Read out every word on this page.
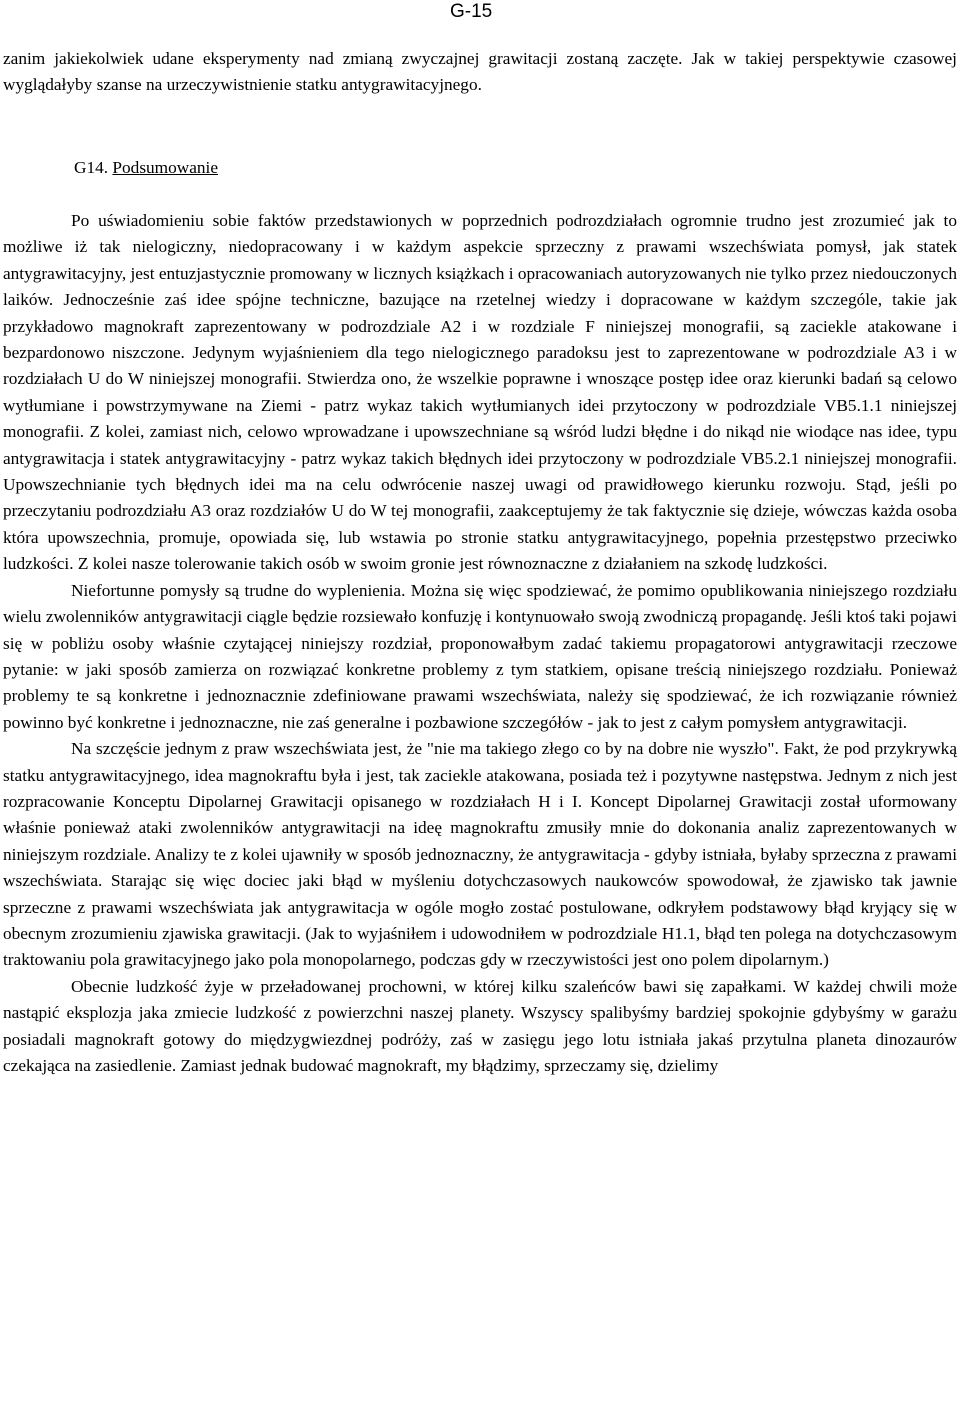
G-15

zanim jakiekolwiek udane eksperymenty nad zmianą zwyczajnej grawitacji zostaną zaczęte. Jak w takiej perspektywie czasowej wyglądałyby szanse na urzeczywistnienie statku antygrawitacyjnego.

G14. Podsumowanie

Po uświadomieniu sobie faktów przedstawionych w poprzednich podrozdziałach ogromnie trudno jest zrozumieć jak to możliwe iż tak nielogiczny, niedopracowany i w każdym aspekcie sprzeczny z prawami wszechświata pomysł, jak statek antygrawitacyjny, jest entuzjastycznie promowany w licznych książkach i opracowaniach autoryzowanych nie tylko przez niedouczonych laików. Jednocześnie zaś idee spójne techniczne, bazujące na rzetelnej wiedzy i dopracowane w każdym szczególe, takie jak przykładowo magnokraft zaprezentowany w podrozdziale A2 i w rozdziale F niniejszej monografii, są zaciekle atakowane i bezpardonowo niszczone. Jedynym wyjaśnieniem dla tego nielogicznego paradoksu jest to zaprezentowane w podrozdziale A3 i w rozdziałach U do W niniejszej monografii. Stwierdza ono, że wszelkie poprawne i wnoszące postęp idee oraz kierunki badań są celowo wytłumiane i powstrzymywane na Ziemi - patrz wykaz takich wytłumianych idei przytoczony w podrozdziale VB5.1.1 niniejszej monografii. Z kolei, zamiast nich, celowo wprowadzane i upowszechniane są wśród ludzi błędne i do nikąd nie wiodące nas idee, typu antygrawitacja i statek antygrawitacyjny - patrz wykaz takich błędnych idei przytoczony w podrozdziale VB5.2.1 niniejszej monografii. Upowszechnianie tych błędnych idei ma na celu odwrócenie naszej uwagi od prawidłowego kierunku rozwoju. Stąd, jeśli po przeczytaniu podrozdziału A3 oraz rozdziałów U do W tej monografii, zaakceptujemy że tak faktycznie się dzieje, wówczas każda osoba która upowszechnia, promuje, opowiada się, lub wstawia po stronie statku antygrawitacyjnego, popełnia przestępstwo przeciwko ludzkości. Z kolei nasze tolerowanie takich osób w swoim gronie jest równoznaczne z działaniem na szkodę ludzkości.

Niefortunne pomysły są trudne do wyplenienia. Można się więc spodziewać, że pomimo opublikowania niniejszego rozdziału wielu zwolenników antygrawitacji ciągle będzie rozsiewało konfuzję i kontynuowało swoją zwodniczą propagandę. Jeśli ktoś taki pojawi się w pobliżu osoby właśnie czytającej niniejszy rozdział, proponowałbym zadać takiemu propagatorowi antygrawitacji rzeczowe pytanie: w jaki sposób zamierza on rozwiązać konkretne problemy z tym statkiem, opisane treścią niniejszego rozdziału. Ponieważ problemy te są konkretne i jednoznacznie zdefiniowane prawami wszechświata, należy się spodziewać, że ich rozwiązanie również powinno być konkretne i jednoznaczne, nie zaś generalne i pozbawione szczegółów - jak to jest z całym pomysłem antygrawitacji.

Na szczęście jednym z praw wszechświata jest, że "nie ma takiego złego co by na dobre nie wyszło". Fakt, że pod przykrywką statku antygrawitacyjnego, idea magnokraftu była i jest, tak zaciekle atakowana, posiada też i pozytywne następstwa. Jednym z nich jest rozpracowanie Konceptu Dipolarnej Grawitacji opisanego w rozdziałach H i I. Koncept Dipolarnej Grawitacji został uformowany właśnie ponieważ ataki zwolenników antygrawitacji na ideę magnokraftu zmusiły mnie do dokonania analiz zaprezentowanych w niniejszym rozdziale. Analizy te z kolei ujawniły w sposób jednoznaczny, że antygrawitacja - gdyby istniała, byłaby sprzeczna z prawami wszechświata. Starając się więc dociec jaki błąd w myśleniu dotychczasowych naukowców spowodował, że zjawisko tak jawnie sprzeczne z prawami wszechświata jak antygrawitacja w ogóle mogło zostać postulowane, odkryłem podstawowy błąd kryjący się w obecnym zrozumieniu zjawiska grawitacji. (Jak to wyjaśniłem i udowodniłem w podrozdziale H1.1, błąd ten polega na dotychczasowym traktowaniu pola grawitacyjnego jako pola monopolarnego, podczas gdy w rzeczywistości jest ono polem dipolarnym.)

Obecnie ludzkość żyje w przeładowanej prochowni, w której kilku szaleńców bawi się zapałkami. W każdej chwili może nastąpić eksplozja jaka zmiecie ludzkość z powierzchni naszej planety. Wszyscy spalibyśmy bardziej spokojnie gdybyśmy w garażu posiadali magnokraft gotowy do międzygwiezdnej podróży, zaś w zasięgu jego lotu istniała jakaś przytulna planeta dinozaurów czekająca na zasiedlenie. Zamiast jednak budować magnokraft, my błądzimy, sprzeczamy się, dzielimy
